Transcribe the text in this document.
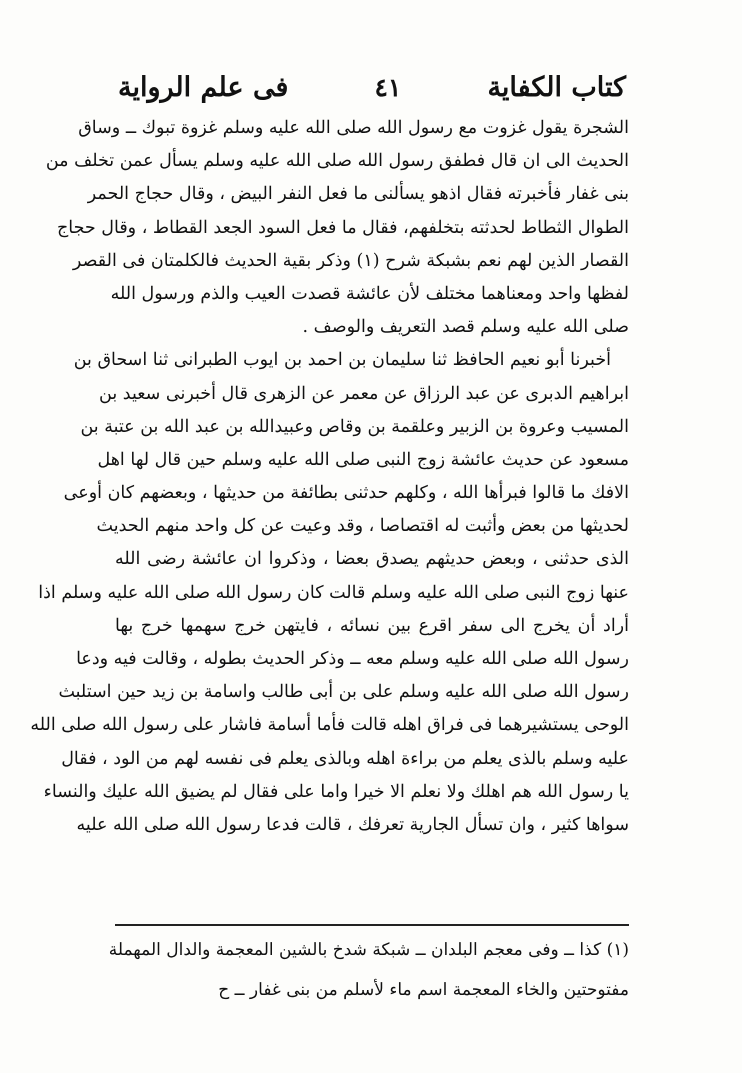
كتاب الكفاية
٤١
فى علم الرواية
الشجرة يقول غزوت مع رسول الله صلى الله عليه وسلم غزوة تبوك ــ وساق
الحديث الى ان قال فطفق رسول الله صلى الله عليه وسلم يسأل عمن تخلف من
بنى غفار فأخبرته فقال اذهو يسألنى ما فعل النفر البيض ، وقال حجاج الحمر
الطوال الثطاط لحدثته بتخلفهم، فقال ما فعل السود الجعد القطاط ، وقال حجاج
القصار الذين لهم نعم بشبكة شرح (١) وذكر بقية الحديث فالكلمتان فى القصر
لفظها واحد ومعناهما مختلف لأن عائشة قصدت العيب والذم ورسول الله
صلى الله عليه وسلم قصد التعريف والوصف .
أخبرنا أبو نعيم الحافظ ثنا سليمان بن احمد بن ايوب الطبرانى ثنا اسحاق بن
ابراهيم الدبرى عن عبد الرزاق عن معمر عن الزهرى قال أخبرنى سعيد بن
المسيب وعروة بن الزبير وعلقمة بن وقاص وعبيدالله بن عبد الله بن عتبة بن
مسعود عن حديث عائشة زوج النبى صلى الله عليه وسلم حين قال لها اهل
الافك ما قالوا فبرأها الله ، وكلهم حدثنى بطائفة من حديثها ، وبعضهم كان أوعى
لحديثها من بعض وأثبت له اقتصاصا ، وقد وعيت عن كل واحد منهم الحديث
الذى حدثنى ، وبعض حديثهم يصدق بعضا ، وذكروا ان عائشة رضى الله
عنها زوج النبى صلى الله عليه وسلم قالت كان رسول الله صلى الله عليه وسلم اذا
أراد أن يخرج الى سفر اقرع بين نسائه ، فايتهن خرج سهمها خرج بها
رسول الله صلى الله عليه وسلم معه ــ وذكر الحديث بطوله ، وقالت فيه ودعا
رسول الله صلى الله عليه وسلم على بن أبى طالب واسامة بن زيد حين استلبث
الوحى يستشيرهما فى فراق اهله قالت فأما أسامة فاشار على رسول الله صلى الله
عليه وسلم بالذى يعلم من براءة اهله وبالذى يعلم فى نفسه لهم من الود ، فقال
يا رسول الله هم اهلك ولا نعلم الا خيرا واما على فقال لم يضيق الله عليك والنساء
سواها كثير ، وان تسأل الجارية تعرفك ، قالت فدعا رسول الله صلى الله عليه
(١) كذا ــ وفى معجم البلدان ــ شبكة شدخ بالشين المعجمة والدال المهملة
مفتوحتين والخاء المعجمة اسم ماء لأسلم من بنى غفار ــ ح
